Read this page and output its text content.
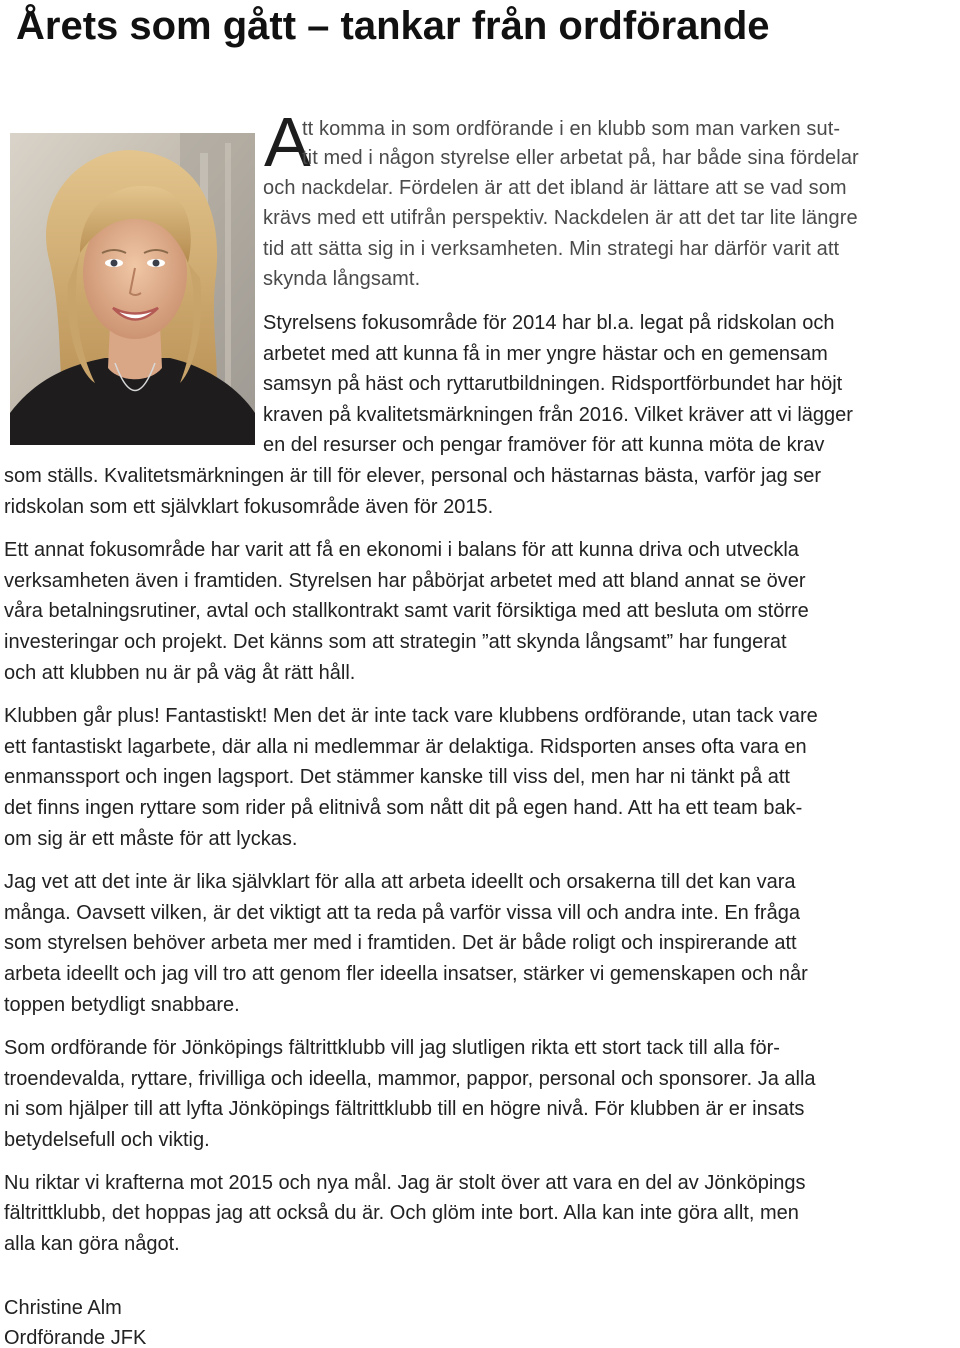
Årets som gått – tankar från ordförande
A
tt komma in som ordförande i en klubb som man varken sut-
tit med i någon styrelse eller arbetat på, har både sina fördelar
och nackdelar. Fördelen är att det ibland är lättare att se vad som
krävs med ett utifrån perspektiv. Nackdelen är att det tar lite längre
tid att sätta sig in i verksamheten. Min strategi har därför varit att
skynda långsamt.
Styrelsens fokusområde för 2014 har bl.a. legat på ridskolan och
arbetet med att kunna få in mer yngre hästar och en gemensam
samsyn på häst och ryttarutbildningen. Ridsportförbundet har höjt
kraven på kvalitetsmärkningen från 2016. Vilket kräver att vi lägger
en del resurser och pengar framöver för att kunna möta de krav
som ställs. Kvalitetsmärkningen är till för elever, personal och hästarnas bästa, varför jag ser
ridskolan som ett självklart fokusområde även för 2015.
Ett annat fokusområde har varit att få en ekonomi i balans för att kunna driva och utveckla
verksamheten även i framtiden. Styrelsen har påbörjat arbetet med att bland annat se över
våra betalningsrutiner, avtal och stallkontrakt samt varit försiktiga med att besluta om större
investeringar och projekt. Det känns som att strategin ”att skynda långsamt” har fungerat
och att klubben nu är på väg åt rätt håll.
Klubben går plus! Fantastiskt! Men det är inte tack vare klubbens ordförande, utan tack vare
ett fantastiskt lagarbete, där alla ni medlemmar är delaktiga. Ridsporten anses ofta vara en
enmanssport och ingen lagsport. Det stämmer kanske till viss del, men har ni tänkt på att
det finns ingen ryttare som rider på elitnivå som nått dit på egen hand. Att ha ett team bak-
om sig är ett måste för att lyckas.
Jag vet att det inte är lika självklart för alla att arbeta ideellt och orsakerna till det kan vara
många. Oavsett vilken, är det viktigt att ta reda på varför vissa vill och andra inte. En fråga
som styrelsen behöver arbeta mer med i framtiden. Det är både roligt och inspirerande att
arbeta ideellt och jag vill tro att genom fler ideella insatser, stärker vi gemenskapen och når
toppen betydligt snabbare.
Som ordförande för Jönköpings fältrittklubb vill jag slutligen rikta ett stort tack till alla för-
troendevalda, ryttare, frivilliga och ideella, mammor, pappor, personal och sponsorer. Ja alla
ni som hjälper till att lyfta Jönköpings fältrittklubb till en högre nivå. För klubben är er insats
betydelsefull och viktig.
Nu riktar vi krafterna mot 2015 och nya mål. Jag är stolt över att vara en del av Jönköpings
fältrittklubb, det hoppas jag att också du är. Och glöm inte bort. Alla kan inte göra allt, men
alla kan göra något.
Christine Alm
Ordförande JFK
